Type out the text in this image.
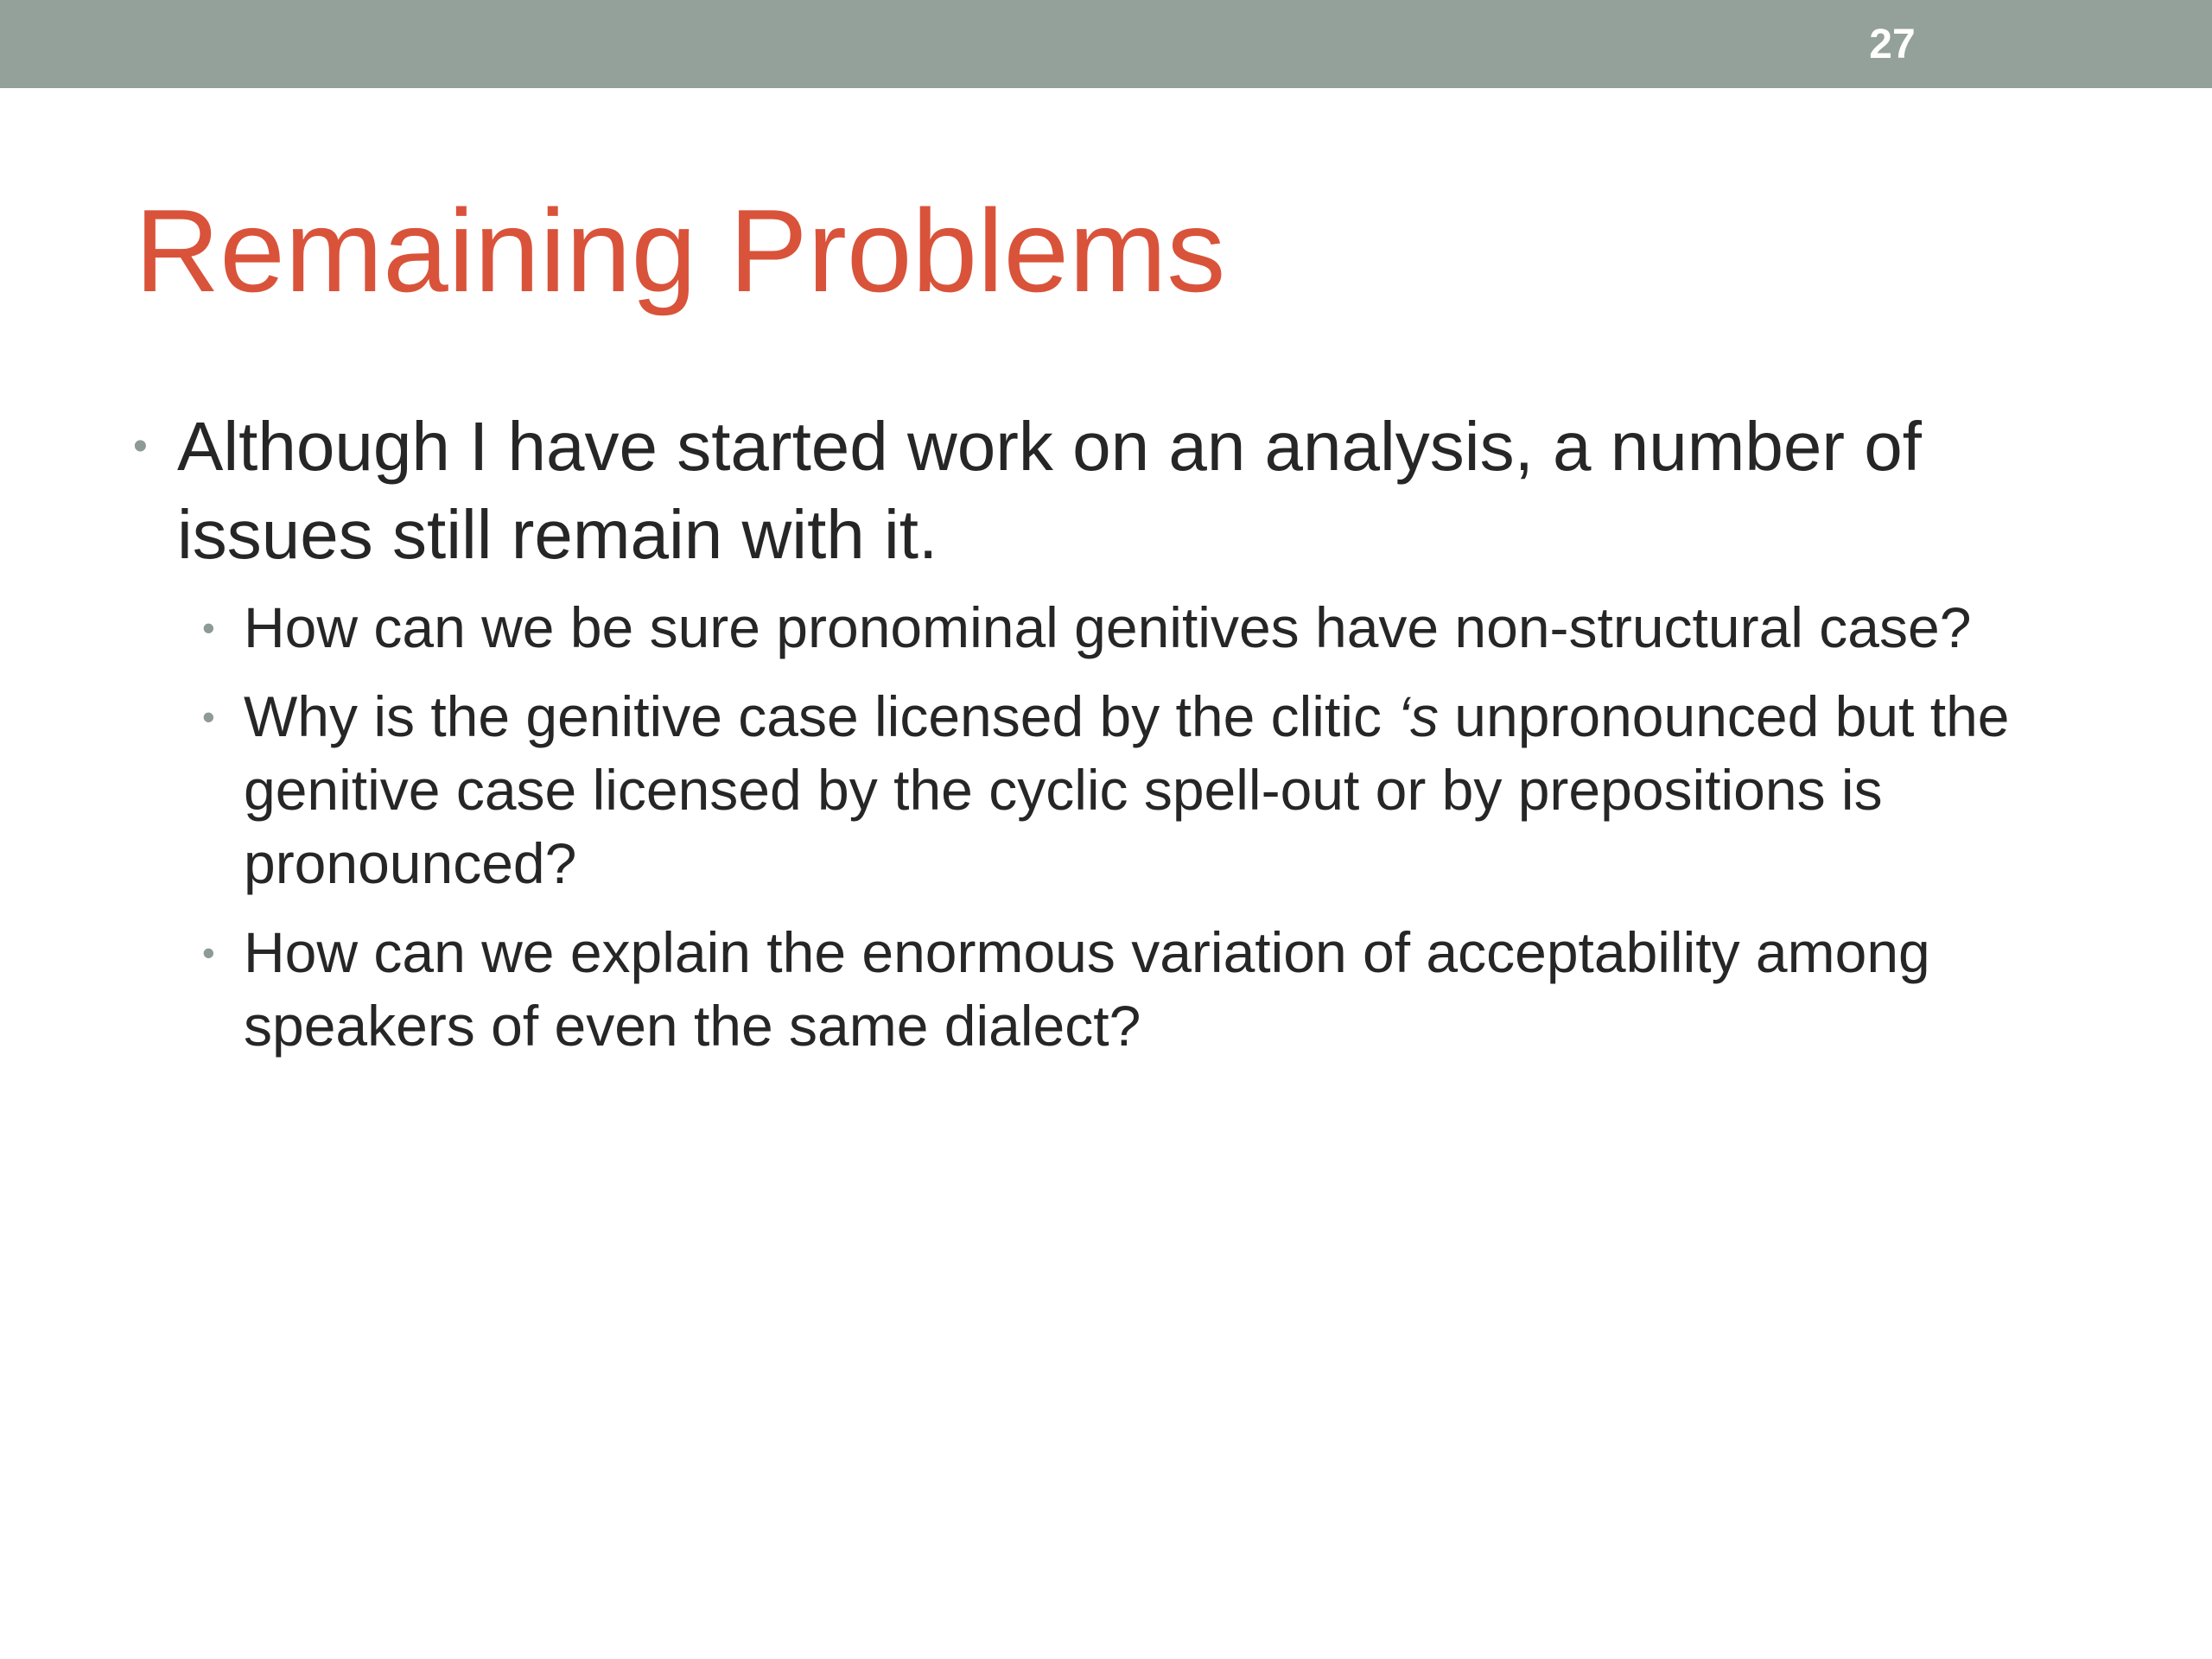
27
Remaining Problems

• Although I have started work on an analysis, a number of issues still remain with it.

• How can we be sure pronominal genitives have non-structural case?

• Why is the genitive case licensed by the clitic ‘s unpronounced but the genitive case licensed by the cyclic spell-out or by prepositions is pronounced?

• How can we explain the enormous variation of acceptability among speakers of even the same dialect?
